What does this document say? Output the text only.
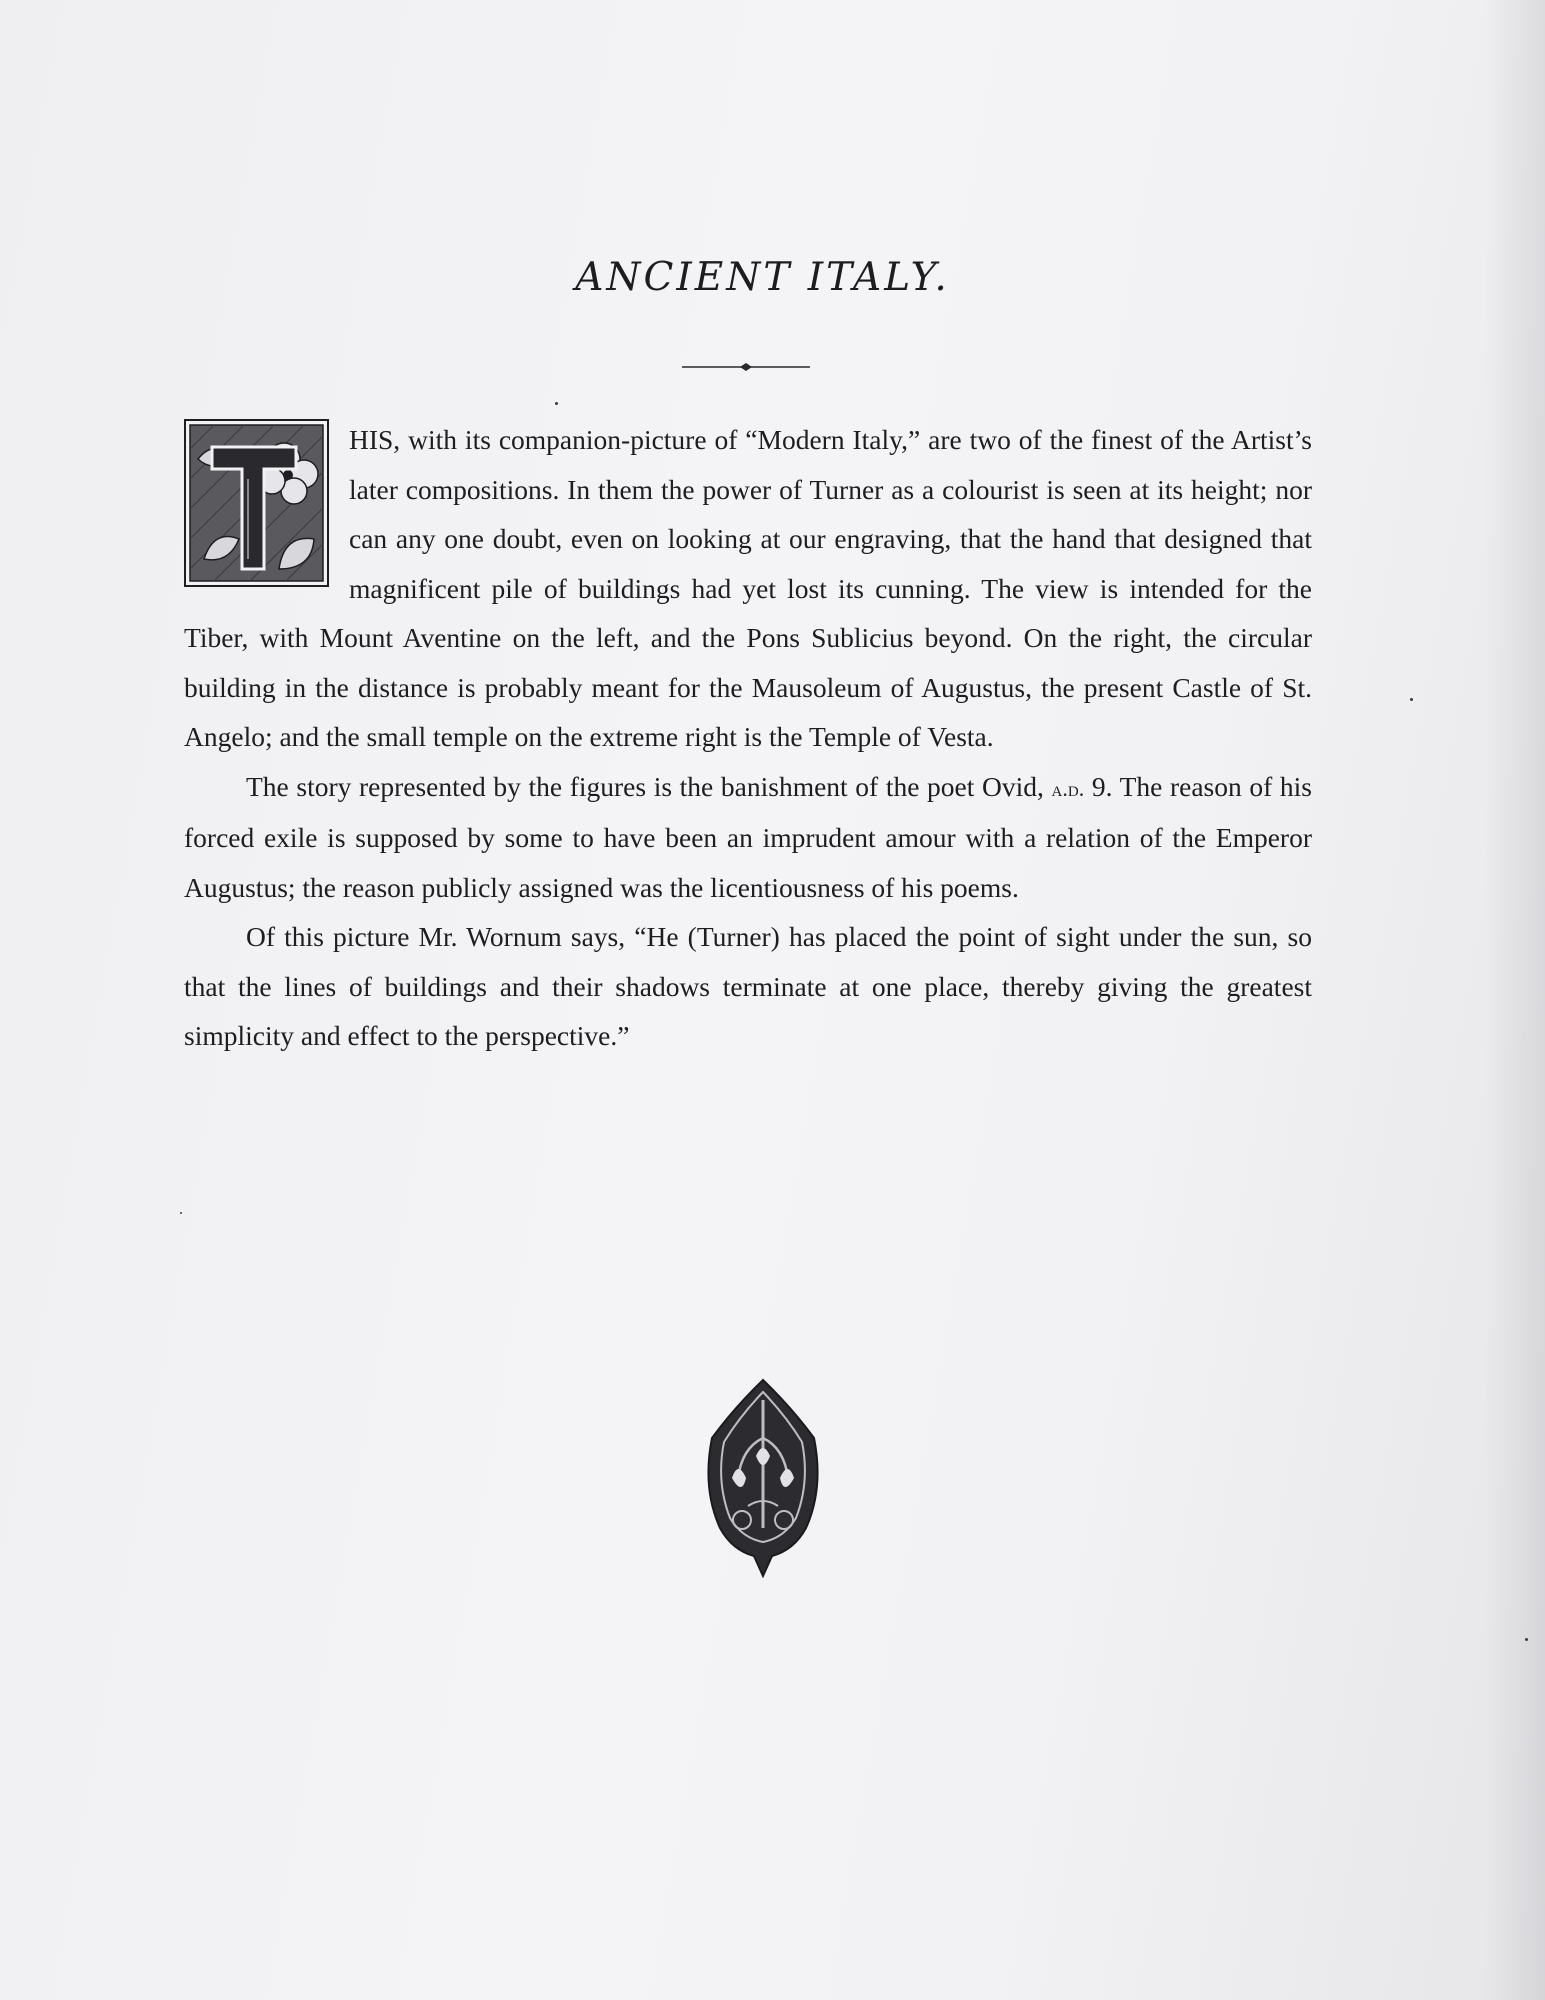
ANCIENT ITALY.

HIS, with its companion-picture of “Modern Italy,” are two of the finest of the Artist’s later compositions. In them the power of Turner as a colourist is seen at its height; nor can any one doubt, even on looking at our engraving, that the hand that designed that magnificent pile of buildings had yet lost its cunning. The view is intended for the Tiber, with Mount Aventine on the left, and the Pons Sublicius beyond. On the right, the circular building in the distance is probably meant for the Mausoleum of Augustus, the present Castle of St. Angelo; and the small temple on the extreme right is the Temple of Vesta.

The story represented by the figures is the banishment of the poet Ovid, a.d. 9. The reason of his forced exile is supposed by some to have been an imprudent amour with a relation of the Emperor Augustus; the reason publicly assigned was the licentiousness of his poems.

Of this picture Mr. Wornum says, “He (Turner) has placed the point of sight under the sun, so that the lines of buildings and their shadows terminate at one place, thereby giving the greatest simplicity and effect to the perspective.”
